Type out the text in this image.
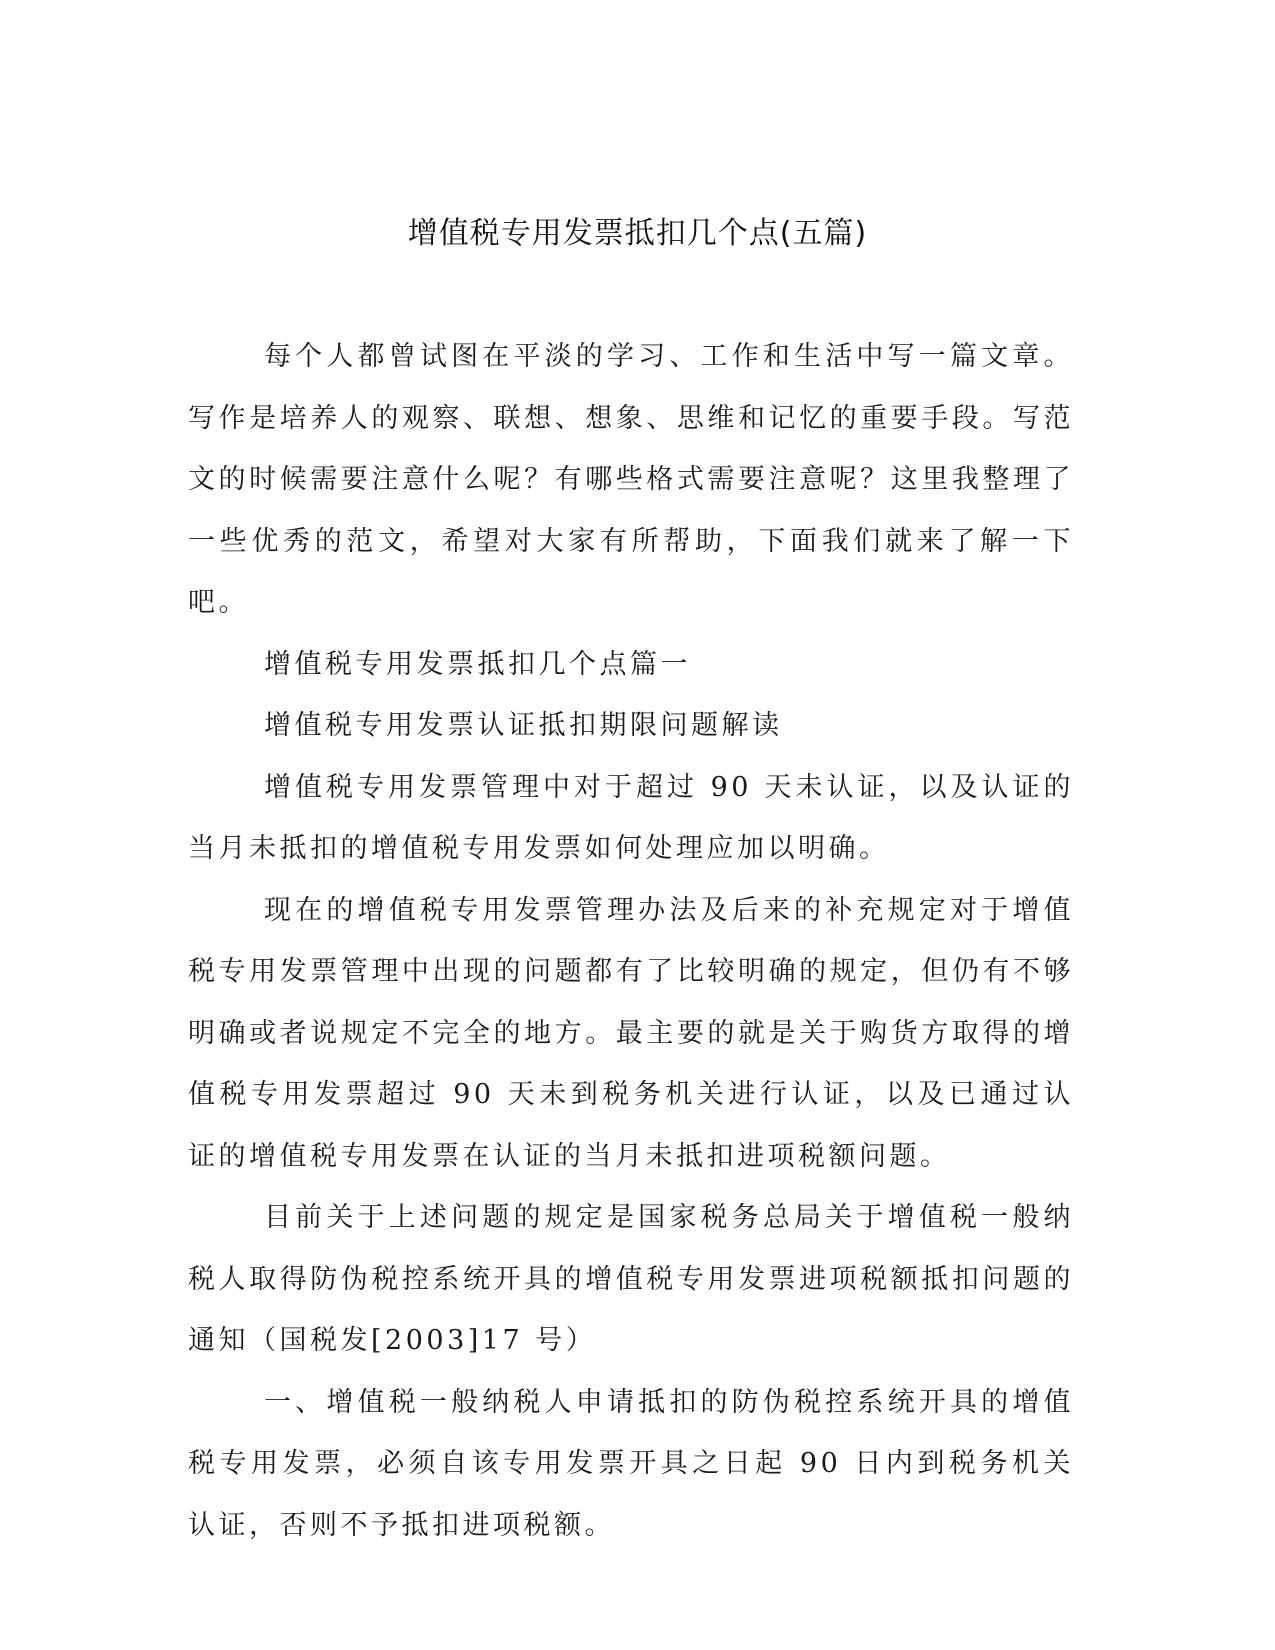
增值税专用发票抵扣几个点(五篇)

每个人都曾试图在平淡的学习、工作和生活中写一篇文章。写作是培养人的观察、联想、想象、思维和记忆的重要手段。写范文的时候需要注意什么呢？有哪些格式需要注意呢？这里我整理了一些优秀的范文，希望对大家有所帮助，下面我们就来了解一下吧。

增值税专用发票抵扣几个点篇一

增值税专用发票认证抵扣期限问题解读

增值税专用发票管理中对于超过 90 天未认证，以及认证的当月未抵扣的增值税专用发票如何处理应加以明确。

现在的增值税专用发票管理办法及后来的补充规定对于增值税专用发票管理中出现的问题都有了比较明确的规定，但仍有不够明确或者说规定不完全的地方。最主要的就是关于购货方取得的增值税专用发票超过 90 天未到税务机关进行认证，以及已通过认证的增值税专用发票在认证的当月未抵扣进项税额问题。

目前关于上述问题的规定是国家税务总局关于增值税一般纳税人取得防伪税控系统开具的增值税专用发票进项税额抵扣问题的通知（国税发[2003]17 号）

一、增值税一般纳税人申请抵扣的防伪税控系统开具的增值税专用发票，必须自该专用发票开具之日起 90 日内到税务机关认证，否则不予抵扣进项税额。
